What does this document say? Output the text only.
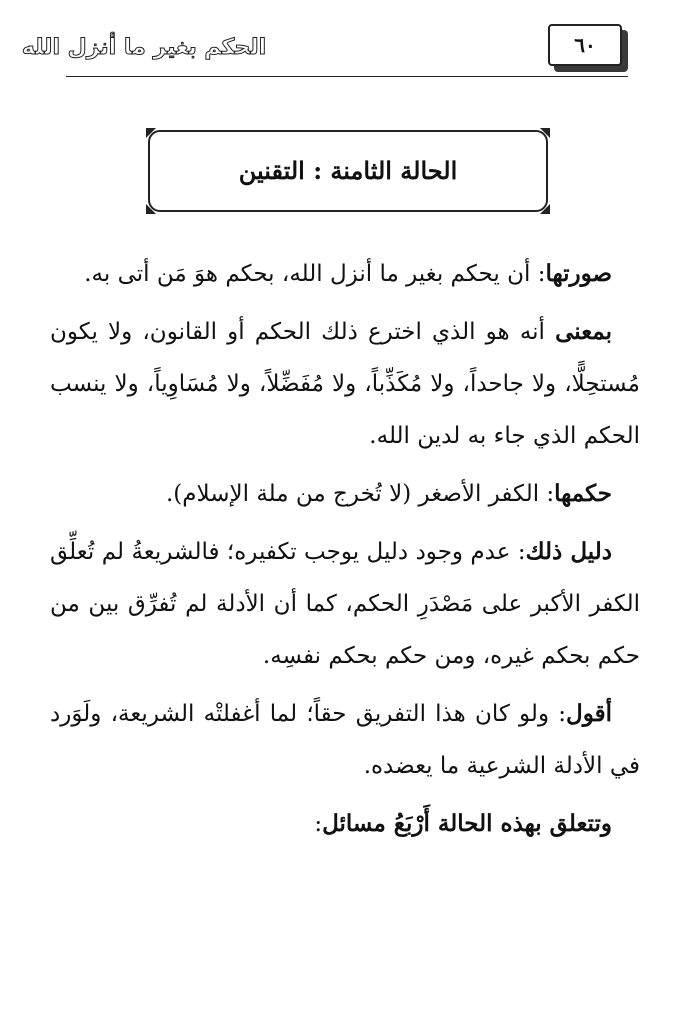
٦٠
الحكم بغير ما أنزل الله
الحالة الثامنة : التقنين

صورتها: أن يحكم بغير ما أنزل الله، بحكم هوَ مَن أتى به.

بمعنى أنه هو الذي اخترع ذلك الحكم أو القانون، ولا يكون مُستحِلًّا، ولا جاحداً، ولا مُكَذِّباً، ولا مُفَضِّلاً، ولا مُسَاوِياً، ولا ينسب الحكم الذي جاء به لدين الله.

حكمها: الكفر الأصغر (لا تُخرج من ملة الإسلام).

دليل ذلك: عدم وجود دليل يوجب تكفيره؛ فالشريعةُ لم تُعلِّق الكفر الأكبر على مَصْدَرِ الحكم، كما أن الأدلة لم تُفرِّق بين من حكم بحكم غيره، ومن حكم بحكم نفسِه.

أقول: ولو كان هذا التفريق حقاً؛ لما أغفلتْه الشريعة، ولَوَرد في الأدلة الشرعية ما يعضده.

وتتعلق بهذه الحالة أَرْبَعُ مسائل:
